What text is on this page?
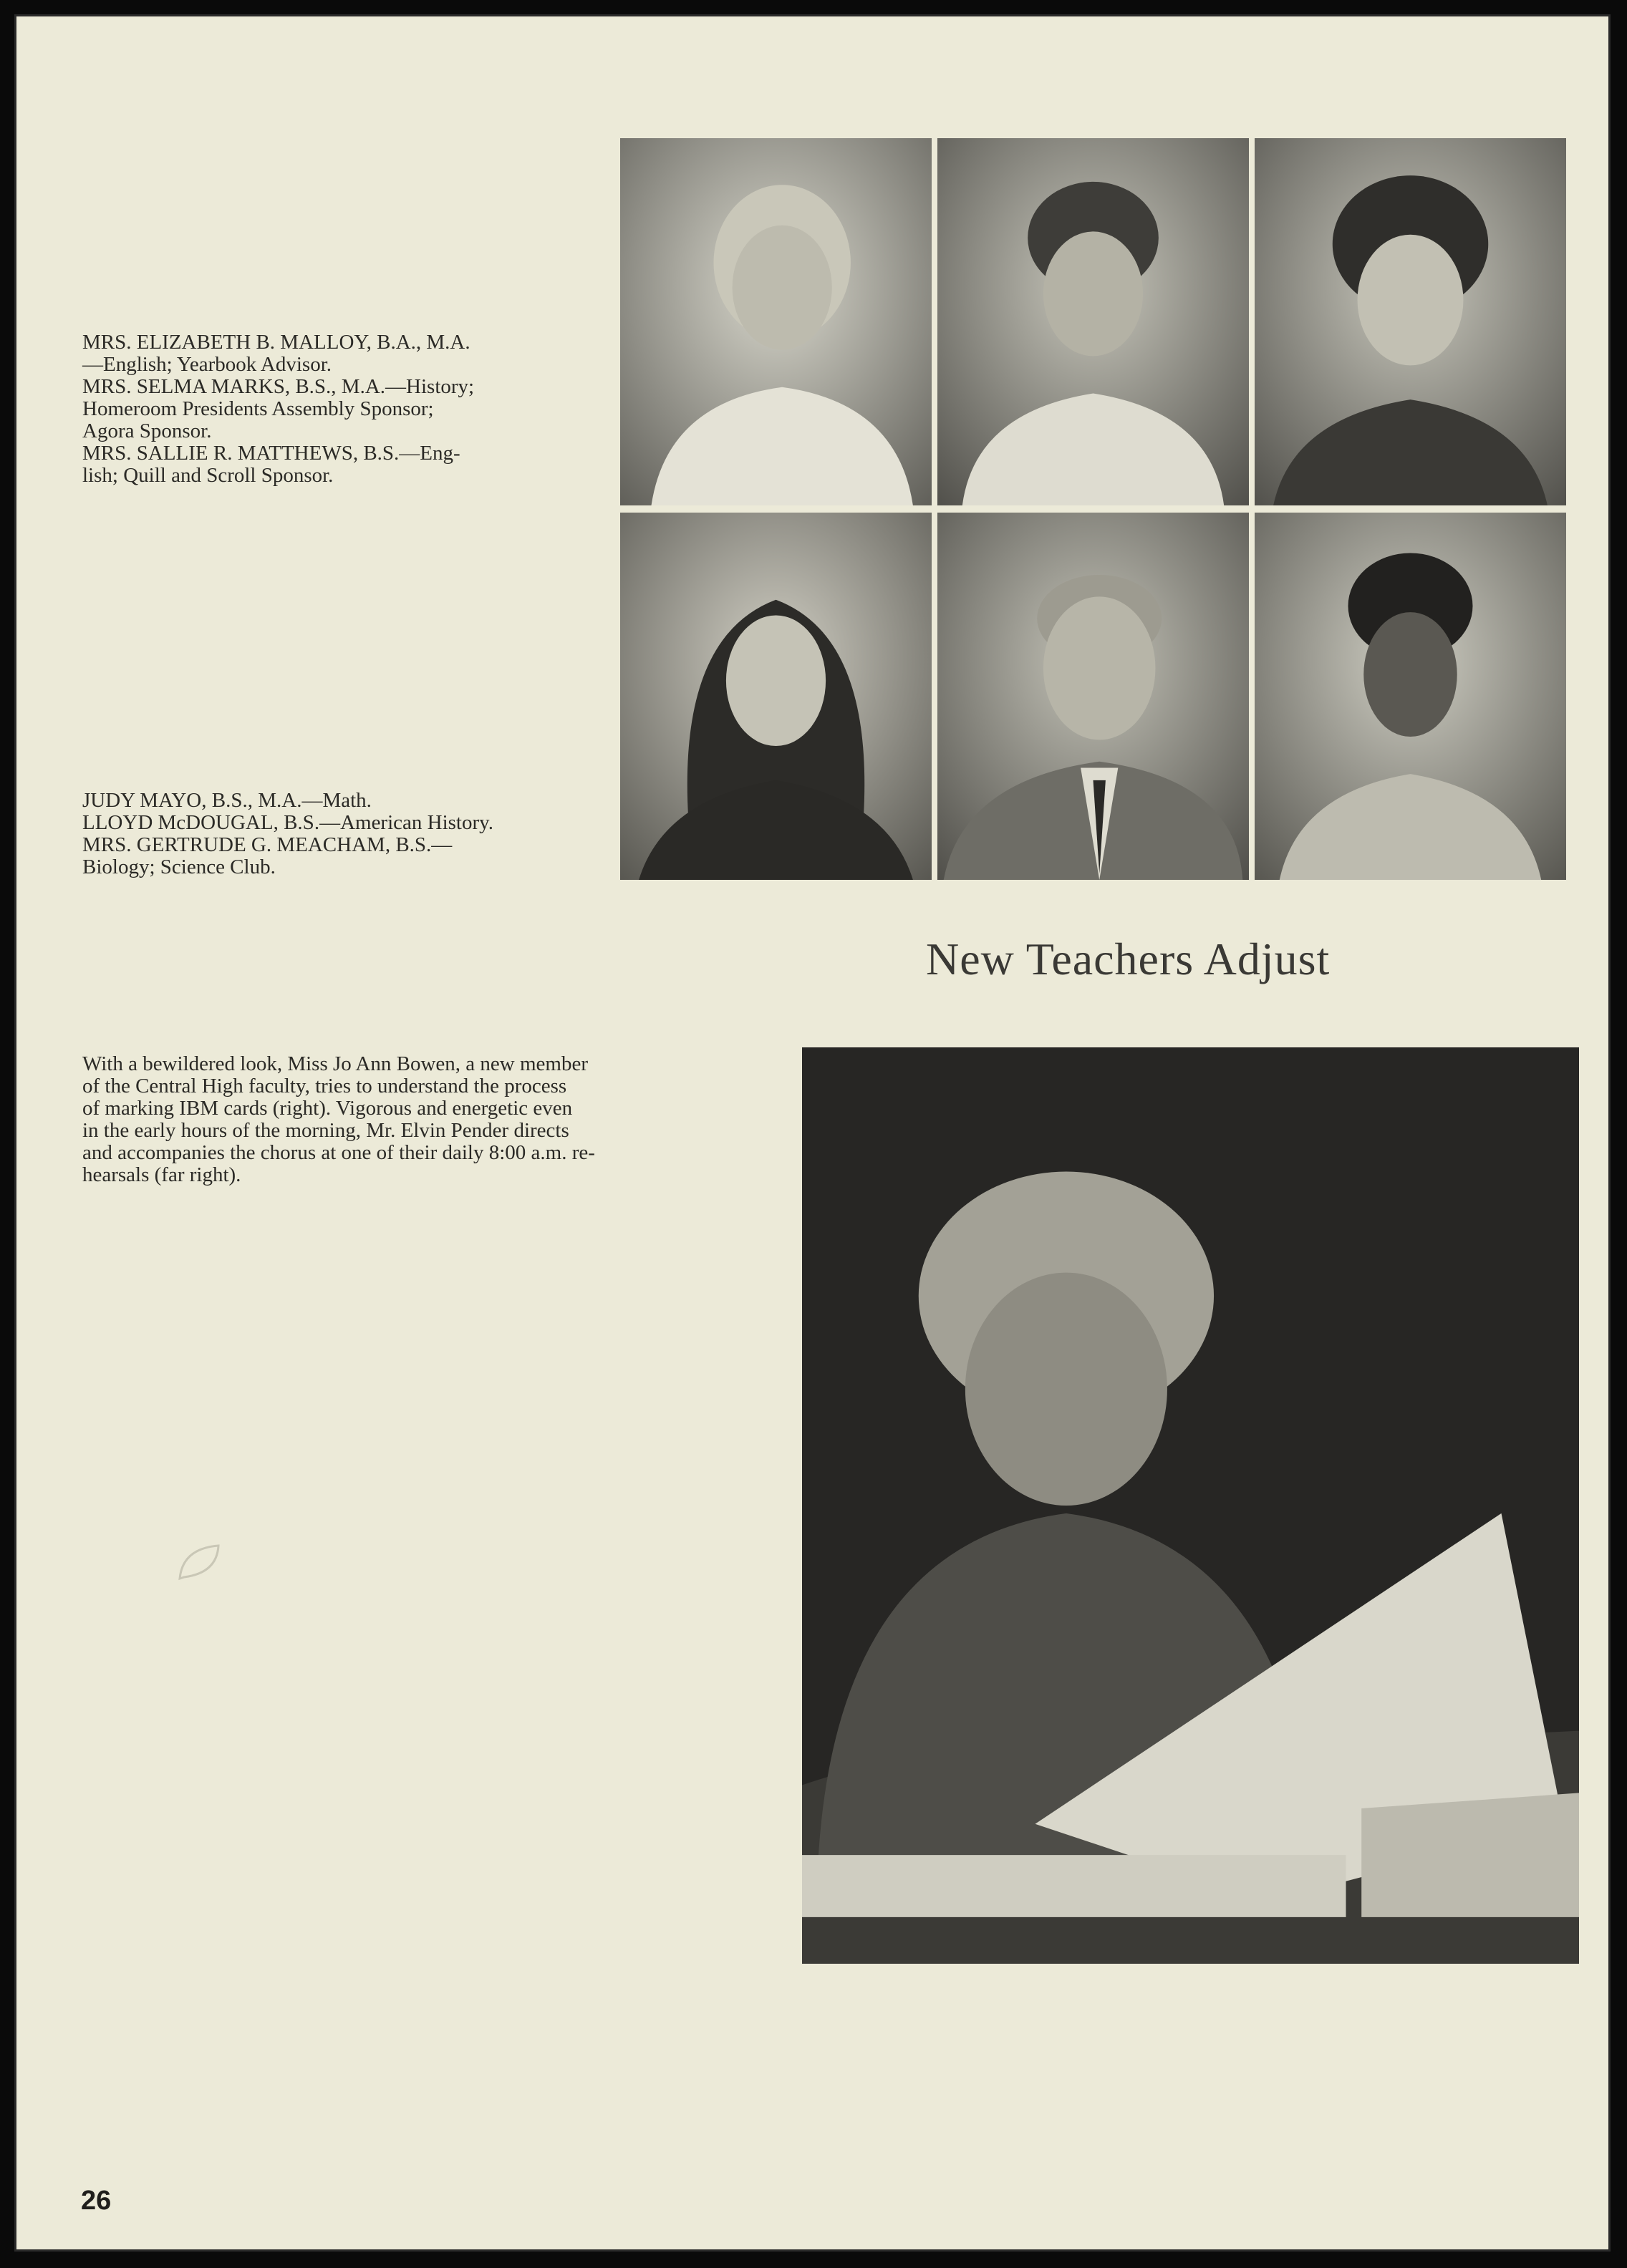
MRS. ELIZABETH B. MALLOY, B.A., M.A.
—English; Yearbook Advisor.
MRS. SELMA MARKS, B.S., M.A.—History;
Homeroom Presidents Assembly Sponsor;
Agora Sponsor.
MRS. SALLIE R. MATTHEWS, B.S.—Eng-
lish; Quill and Scroll Sponsor.
JUDY MAYO, B.S., M.A.—Math.
LLOYD McDOUGAL, B.S.—American History.
MRS. GERTRUDE G. MEACHAM, B.S.—
Biology; Science Club.
New Teachers Adjust
With a bewildered look, Miss Jo Ann Bowen, a new member
of the Central High faculty, tries to understand the process
of marking IBM cards (right). Vigorous and energetic even
in the early hours of the morning, Mr. Elvin Pender directs
and accompanies the chorus at one of their daily 8:00 a.m. re-
hearsals (far right).
26
